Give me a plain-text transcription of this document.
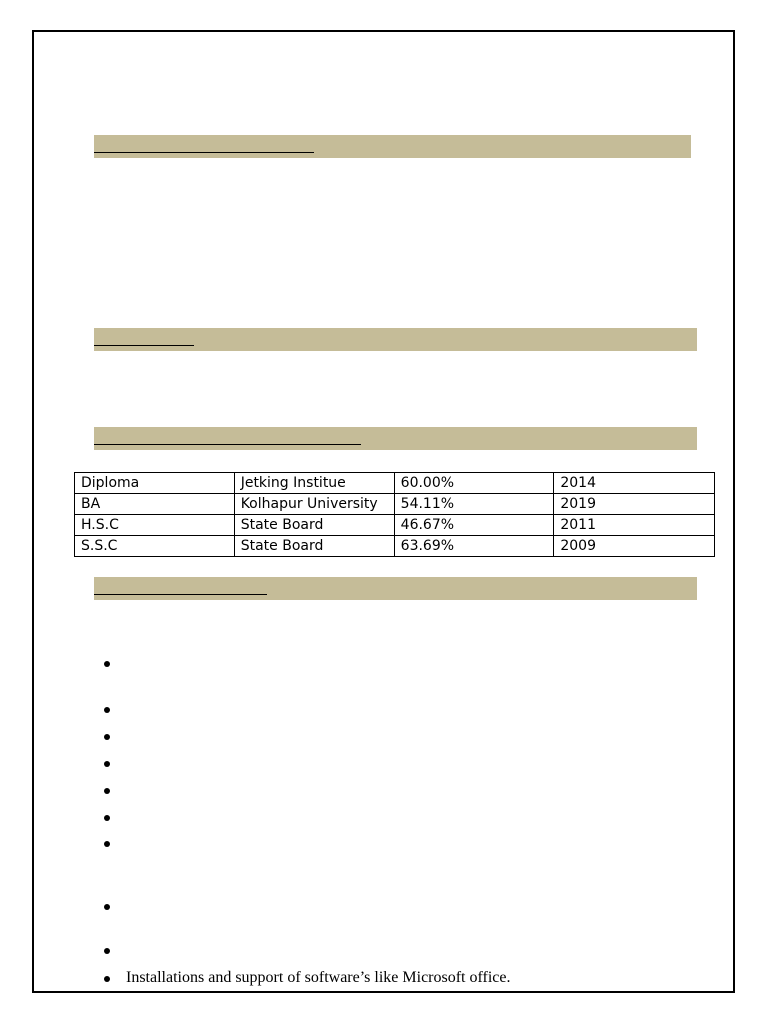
Diploma	Jetking Institue	60.00%	2014
BA	Kolhapur University	54.11%	2019
H.S.C	State Board	46.67%	2011
S.S.C	State Board	63.69%	2009
Installations and support of software’s like Microsoft office.
